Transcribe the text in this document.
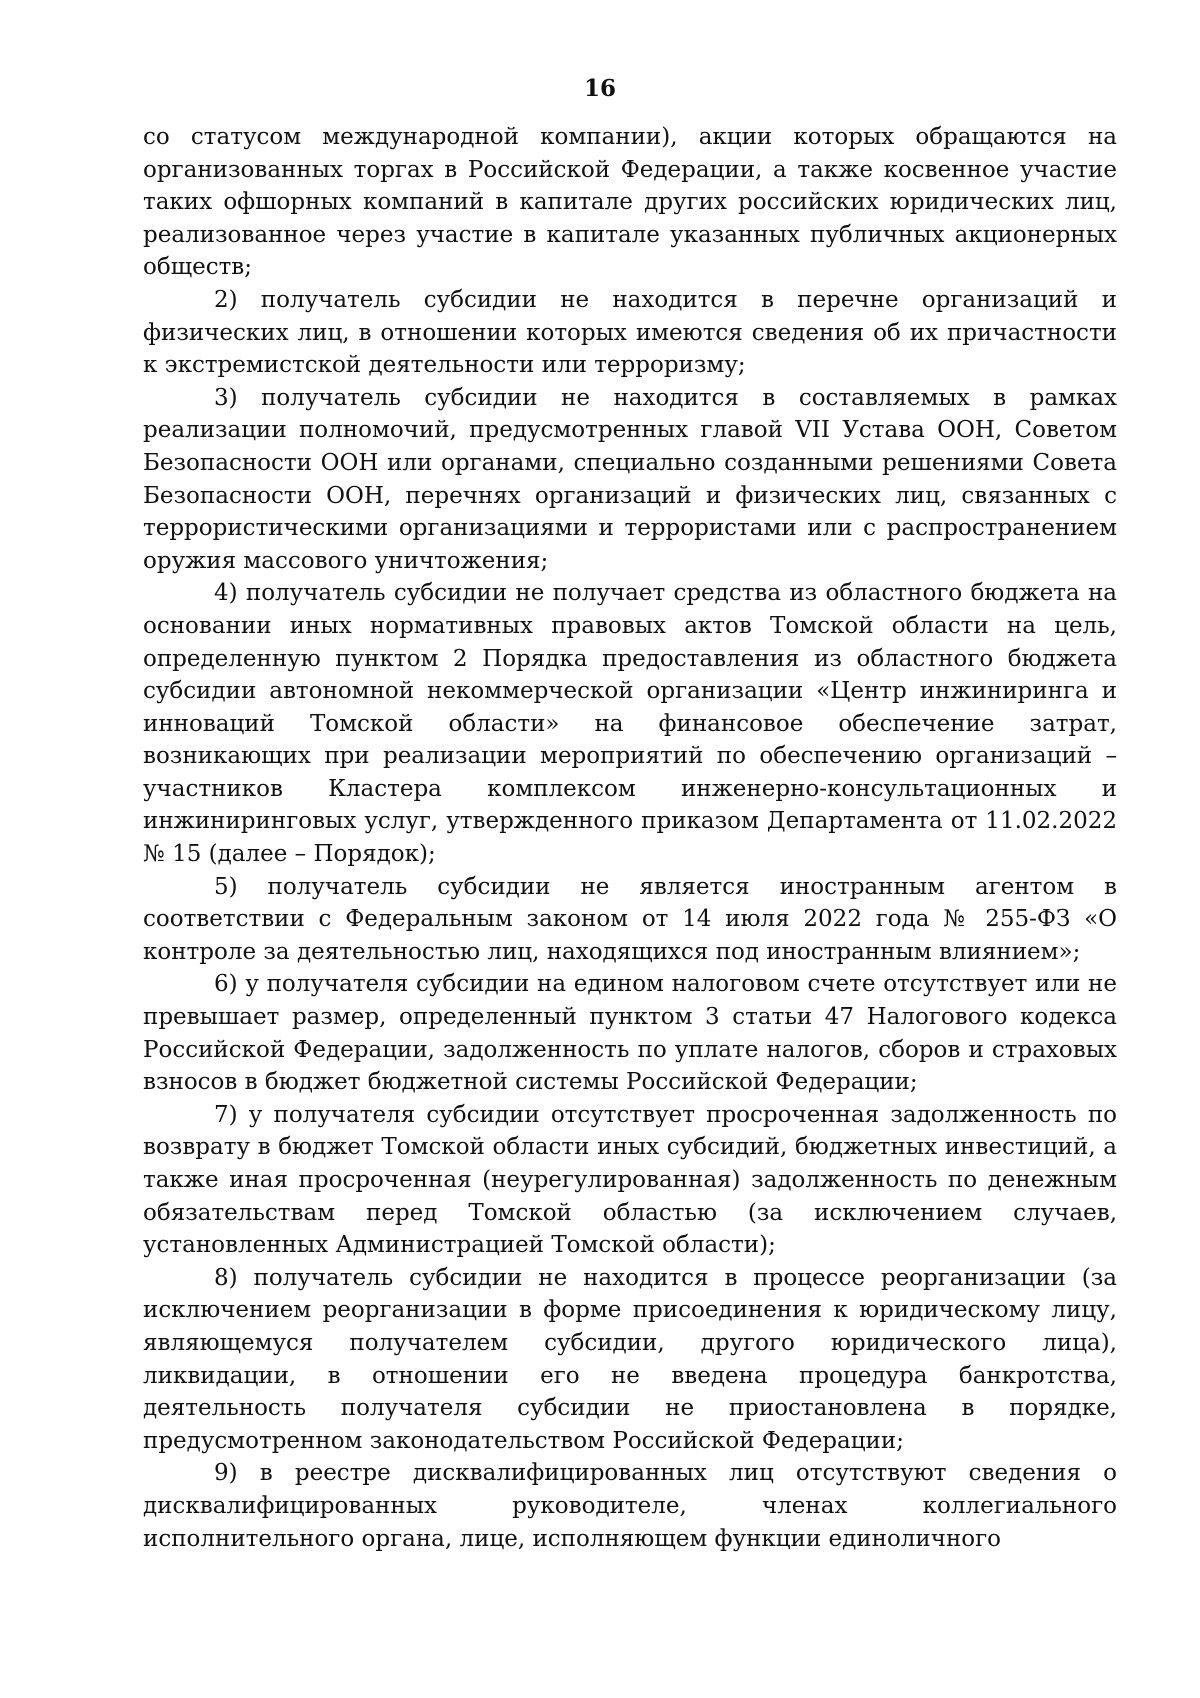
16

со статусом международной компании), акции которых обращаются на организованных торгах в Российской Федерации, а также косвенное участие таких офшорных компаний в капитале других российских юридических лиц, реализованное через участие в капитале указанных публичных акционерных обществ;

2) получатель субсидии не находится в перечне организаций и физических лиц, в отношении которых имеются сведения об их причастности к экстремистской деятельности или терроризму;

3) получатель субсидии не находится в составляемых в рамках реализации полномочий, предусмотренных главой VII Устава ООН, Советом Безопасности ООН или органами, специально созданными решениями Совета Безопасности ООН, перечнях организаций и физических лиц, связанных с террористическими организациями и террористами или с распространением оружия массового уничтожения;

4) получатель субсидии не получает средства из областного бюджета на основании иных нормативных правовых актов Томской области на цель, определенную пунктом 2 Порядка предоставления из областного бюджета субсидии автономной некоммерческой организации «Центр инжиниринга и инноваций Томской области» на финансовое обеспечение затрат, возникающих при реализации мероприятий по обеспечению организаций – участников Кластера комплексом инженерно-консультационных и инжиниринговых услуг, утвержденного приказом Департамента от 11.02.2022 № 15 (далее – Порядок);

5) получатель субсидии не является иностранным агентом в соответствии с Федеральным законом от 14 июля 2022 года № 255-ФЗ «О контроле за деятельностью лиц, находящихся под иностранным влиянием»;

6) у получателя субсидии на едином налоговом счете отсутствует или не превышает размер, определенный пунктом 3 статьи 47 Налогового кодекса Российской Федерации, задолженность по уплате налогов, сборов и страховых взносов в бюджет бюджетной системы Российской Федерации;

7) у получателя субсидии отсутствует просроченная задолженность по возврату в бюджет Томской области иных субсидий, бюджетных инвестиций, а также иная просроченная (неурегулированная) задолженность по денежным обязательствам перед Томской областью (за исключением случаев, установленных Администрацией Томской области);

8) получатель субсидии не находится в процессе реорганизации (за исключением реорганизации в форме присоединения к юридическому лицу, являющемуся получателем субсидии, другого юридического лица), ликвидации, в отношении его не введена процедура банкротства, деятельность получателя субсидии не приостановлена в порядке, предусмотренном законодательством Российской Федерации;

9) в реестре дисквалифицированных лиц отсутствуют сведения о дисквалифицированных руководителе, членах коллегиального исполнительного органа, лице, исполняющем функции единоличного
